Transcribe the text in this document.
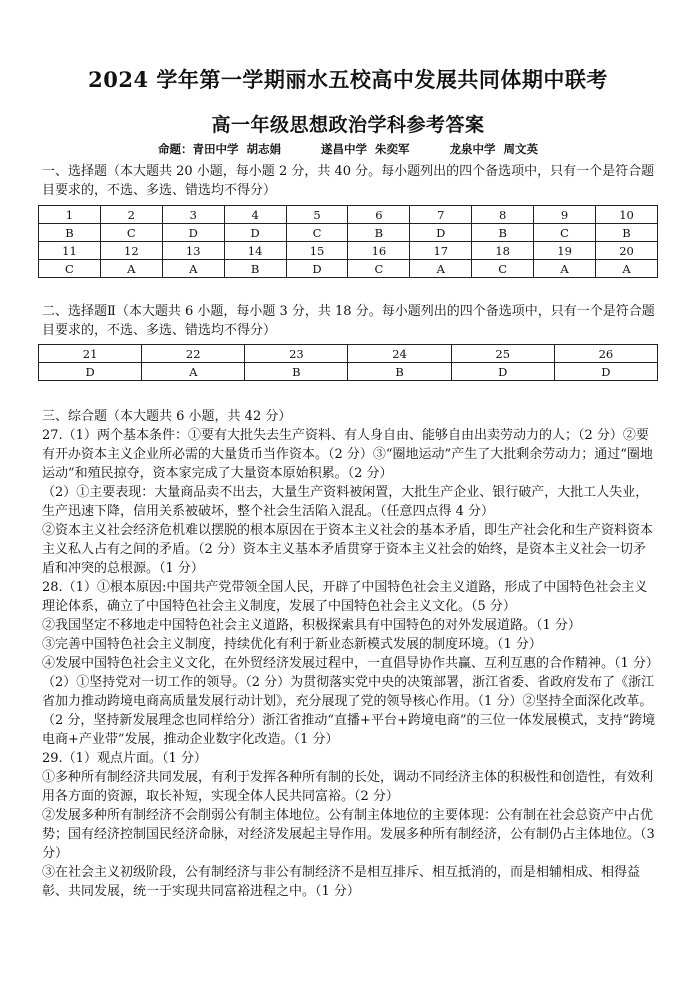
2024 学年第一学期丽水五校高中发展共同体期中联考
高一年级思想政治学科参考答案
命题：青田中学  胡志娟          遂昌中学  朱奕军          龙泉中学  周文英
一、选择题（本大题共 20 小题，每小题 2 分，共 40 分。每小题列出的四个备选项中，只有一个是符合题目要求的，不选、多选、错选均不得分）
1	2	3	4	5	6	7	8	9	10
B	C	D	D	C	B	D	B	C	B
11	12	13	14	15	16	17	18	19	20
C	A	A	B	D	C	A	C	A	A
二、选择题Ⅱ（本大题共 6 小题，每小题 3 分，共 18 分。每小题列出的四个备选项中，只有一个是符合题目要求的，不选、多选、错选均不得分）
21	22	23	24	25	26
D	A	B	B	D	D

三、综合题（本大题共 6 小题，共 42 分）

27.（1）两个基本条件：①要有大批失去生产资料、有人身自由、能够自由出卖劳动力的人；（2 分）②要有开办资本主义企业所必需的大量货币当作资本。（2 分）③“圈地运动”产生了大批剩余劳动力；通过“圈地运动”和殖民掠夺，资本家完成了大量资本原始积累。（2 分）

（2）①主要表现：大量商品卖不出去，大量生产资料被闲置，大批生产企业、银行破产，大批工人失业，生产迅速下降，信用关系被破坏，整个社会生活陷入混乱。（任意四点得 4 分）

②资本主义社会经济危机难以摆脱的根本原因在于资本主义社会的基本矛盾，即生产社会化和生产资料资本主义私人占有之间的矛盾。（2 分）资本主义基本矛盾贯穿于资本主义社会的始终，是资本主义社会一切矛盾和冲突的总根源。（1 分）

28.（1）①根本原因:中国共产党带领全国人民，开辟了中国特色社会主义道路，形成了中国特色社会主义理论体系，确立了中国特色社会主义制度，发展了中国特色社会主义文化。（5 分）

②我国坚定不移地走中国特色社会主义道路，积极探索具有中国特色的对外发展道路。（1 分）

③完善中国特色社会主义制度，持续优化有利于新业态新模式发展的制度环境。（1 分）

④发展中国特色社会主义文化，在外贸经济发展过程中，一直倡导协作共赢、互利互惠的合作精神。（1 分）

（2）①坚持党对一切工作的领导。（2 分）为贯彻落实党中央的决策部署，浙江省委、省政府发布了《浙江省加力推动跨境电商高质量发展行动计划》，充分展现了党的领导核心作用。（1 分）②坚持全面深化改革。（2 分，坚持新发展理念也同样给分）浙江省推动“直播+平台+跨境电商”的三位一体发展模式，支持“跨境电商+产业带”发展，推动企业数字化改造。（1 分）

29.（1）观点片面。（1 分）

①多种所有制经济共同发展，有利于发挥各种所有制的长处，调动不同经济主体的积极性和创造性，有效利用各方面的资源，取长补短，实现全体人民共同富裕。（2 分）

②发展多种所有制经济不会削弱公有制主体地位。公有制主体地位的主要体现：公有制在社会总资产中占优势；国有经济控制国民经济命脉，对经济发展起主导作用。发展多种所有制经济，公有制仍占主体地位。（3 分）

③在社会主义初级阶段，公有制经济与非公有制经济不是相互排斥、相互抵消的，而是相辅相成、相得益彰、共同发展，统一于实现共同富裕进程之中。（1 分）
